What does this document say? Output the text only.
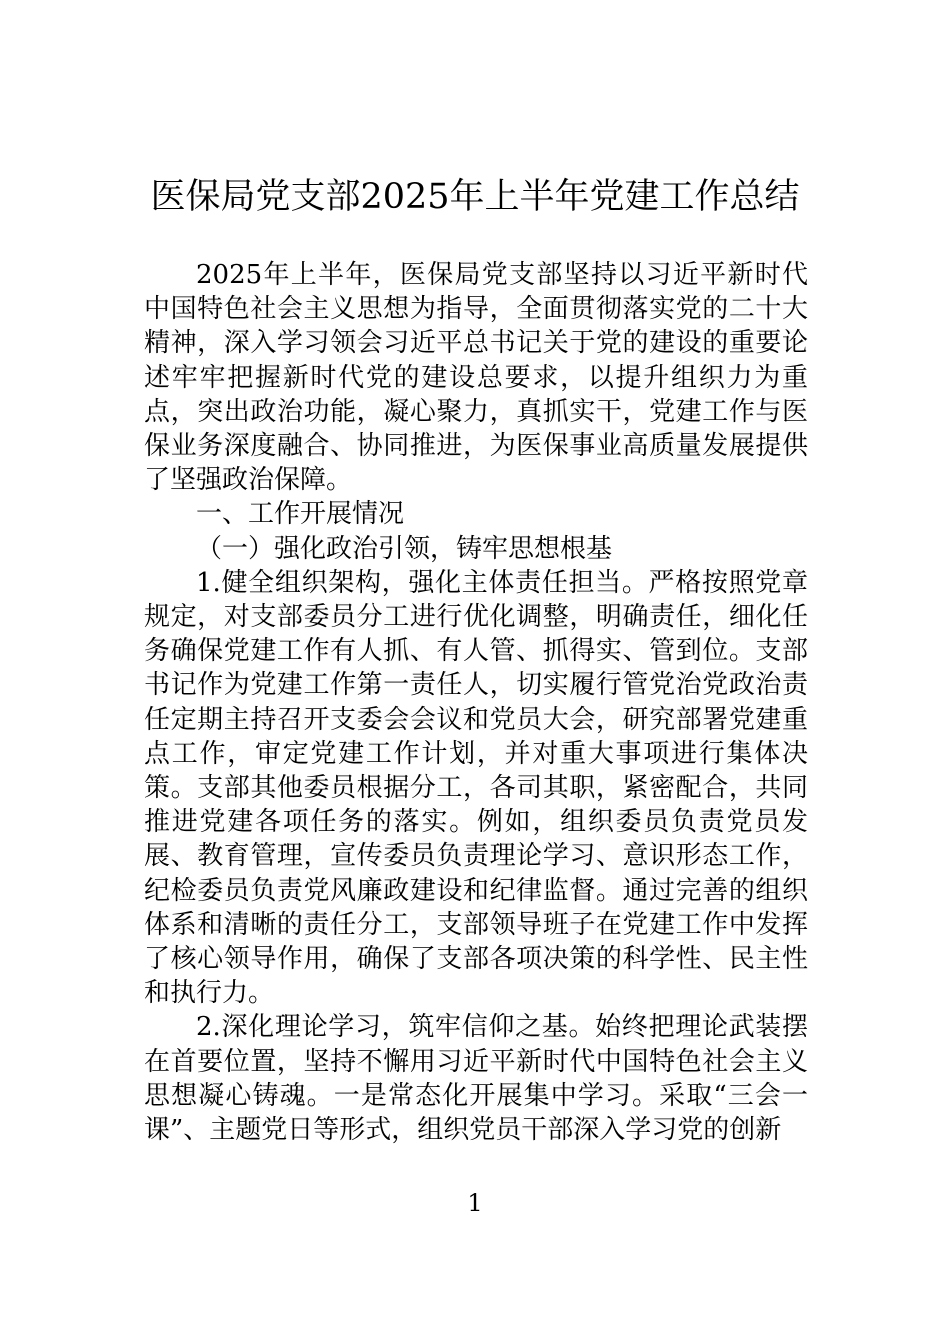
医保局党支部2025年上半年党建工作总结

2025年上半年，医保局党支部坚持以习近平新时代中国特色社会主义思想为指导，全面贯彻落实党的二十大精神，深入学习领会习近平总书记关于党的建设的重要论述牢牢把握新时代党的建设总要求，以提升组织力为重点，突出政治功能，凝心聚力，真抓实干，党建工作与医保业务深度融合、协同推进，为医保事业高质量发展提供了坚强政治保障。

一、工作开展情况

（一）强化政治引领，铸牢思想根基

1.健全组织架构，强化主体责任担当。严格按照党章规定，对支部委员分工进行优化调整，明确责任，细化任务确保党建工作有人抓、有人管、抓得实、管到位。支部书记作为党建工作第一责任人，切实履行管党治党政治责任定期主持召开支委会会议和党员大会，研究部署党建重点工作，审定党建工作计划，并对重大事项进行集体决策。支部其他委员根据分工，各司其职，紧密配合，共同推进党建各项任务的落实。例如，组织委员负责党员发展、教育管理，宣传委员负责理论学习、意识形态工作，纪检委员负责党风廉政建设和纪律监督。通过完善的组织体系和清晰的责任分工，支部领导班子在党建工作中发挥了核心领导作用，确保了支部各项决策的科学性、民主性和执行力。

2.深化理论学习，筑牢信仰之基。始终把理论武装摆在首要位置，坚持不懈用习近平新时代中国特色社会主义思想凝心铸魂。一是常态化开展集中学习。采取“三会一课”、主题党日等形式，组织党员干部深入学习党的创新

1
